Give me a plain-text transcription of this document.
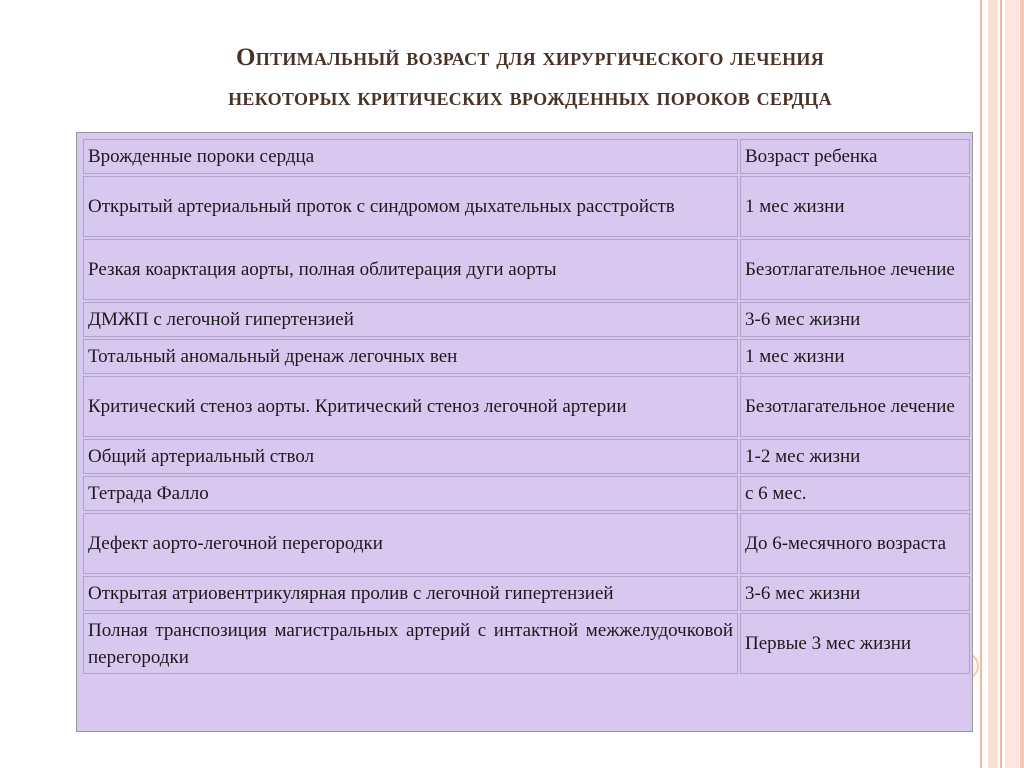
Оптимальный возраст для хирургического лечения
некоторых критических врожденных пороков сердца
Врожденные пороки сердца	Возраст ребенка
Открытый артериальный проток с синдромом дыхательных расстройств	1 мес жизни
Резкая коарктация аорты, полная облитерация дуги аорты	Безотлагательное лечение
ДМЖП с легочной гипертензией	3-6 мес жизни
Тотальный аномальный дренаж легочных вен	1 мес жизни
Критический стеноз аорты. Критический стеноз легочной артерии	Безотлагательное лечение
Общий артериальный ствол	1-2 мес жизни
Тетрада Фалло	с 6 мес.
Дефект аорто-легочной перегородки	До 6-месячного возраста
Открытая атриовентрикулярная пролив с легочной гипертензией	3-6 мес жизни
Полная транспозиция магистральных артерий с интактной межжелудочковой перегородки	Первые 3 мес жизни
